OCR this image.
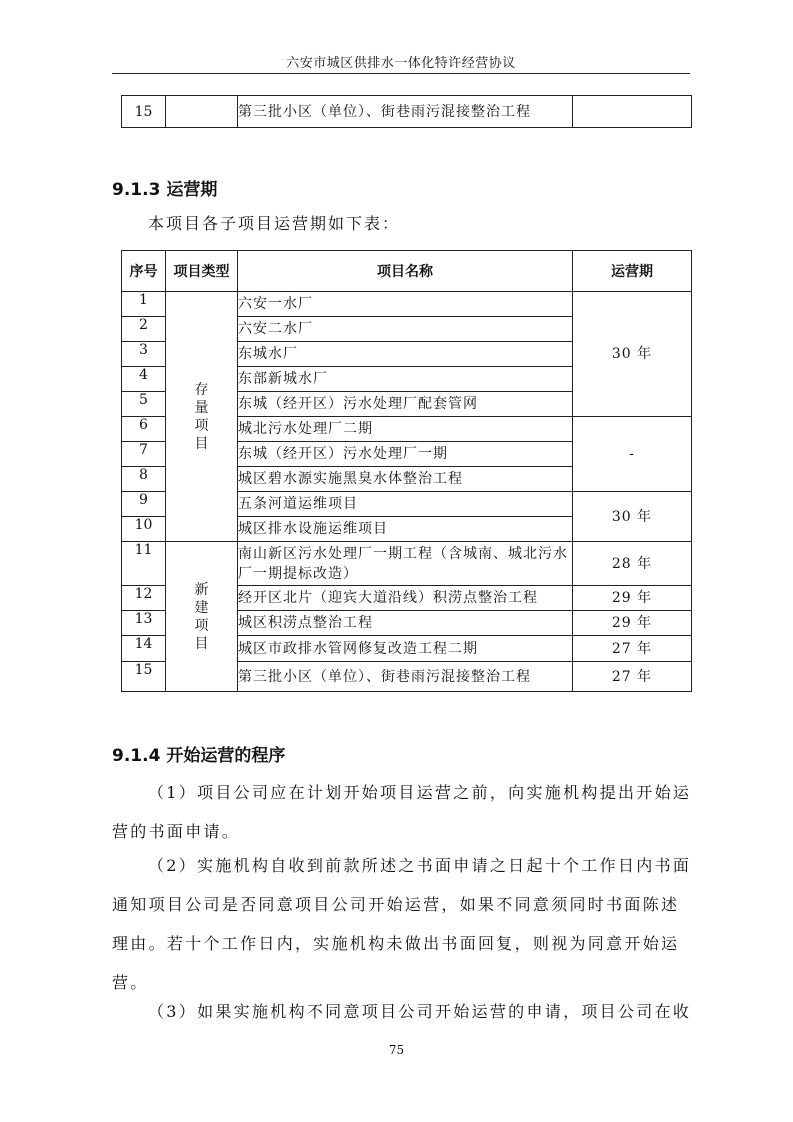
六安市城区供排水一体化特许经营协议
15		第三批小区（单位）、街巷雨污混接整治工程	
9.1.3 运营期
本项目各子项目运营期如下表：
序号	项目类型	项目名称	运营期
1	存量项目	六安一水厂	30 年
2		六安二水厂	
3		东城水厂	
4		东部新城水厂	
5		东城（经开区）污水处理厂配套管网	
6		城北污水处理厂二期	-
7		东城（经开区）污水处理厂一期	
8		城区碧水源实施黑臭水体整治工程	
9		五条河道运维项目	30 年
10		城区排水设施运维项目	
11	新建项目	南山新区污水处理厂一期工程（含城南、城北污水厂一期提标改造）	28 年
12		经开区北片（迎宾大道沿线）积涝点整治工程	29 年
13		城区积涝点整治工程	29 年
14		城区市政排水管网修复改造工程二期	27 年
15		第三批小区（单位）、街巷雨污混接整治工程	27 年
9.1.4 开始运营的程序

（1）项目公司应在计划开始项目运营之前，向实施机构提出开始运营的书面申请。

（2）实施机构自收到前款所述之书面申请之日起十个工作日内书面通知项目公司是否同意项目公司开始运营，如果不同意须同时书面陈述理由。若十个工作日内，实施机构未做出书面回复，则视为同意开始运营。

（3）如果实施机构不同意项目公司开始运营的申请，项目公司在收

75
